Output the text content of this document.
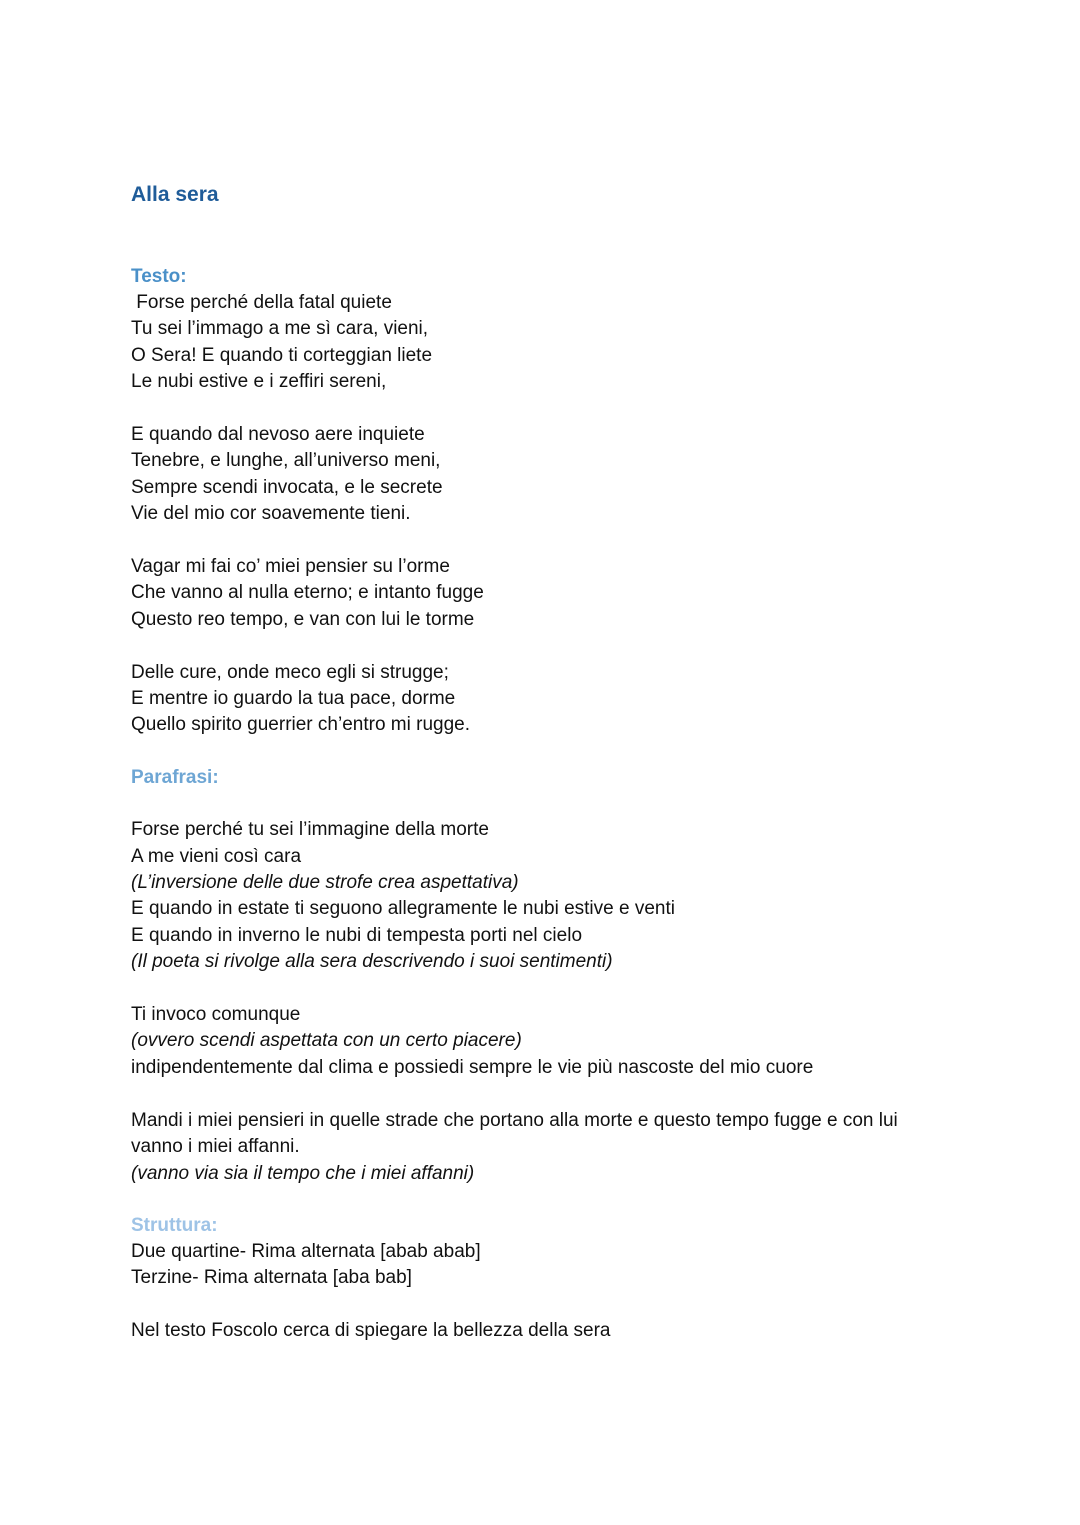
Alla sera

Testo:

Forse perché della fatal quiete

Tu sei l’immago a me sì cara, vieni,

O Sera! E quando ti corteggian liete

Le nubi estive e i zeffiri sereni,

E quando dal nevoso aere inquiete

Tenebre, e lunghe, all’universo meni,

Sempre scendi invocata, e le secrete

Vie del mio cor soavemente tieni.

Vagar mi fai co’ miei pensier su l’orme

Che vanno al nulla eterno; e intanto fugge

Questo reo tempo, e van con lui le torme

Delle cure, onde meco egli si strugge;

E mentre io guardo la tua pace, dorme

Quello spirito guerrier ch’entro mi rugge.

Parafrasi:

Forse perché tu sei l’immagine della morte

A me vieni così cara

(L’inversione delle due strofe crea aspettativa)

E quando in estate ti seguono allegramente le nubi estive e venti

E quando in inverno le nubi di tempesta porti nel cielo

(Il poeta si rivolge alla sera descrivendo i suoi sentimenti)

Ti invoco comunque

(ovvero scendi aspettata con un certo piacere)

indipendentemente dal clima e possiedi sempre le vie più nascoste del mio cuore

Mandi i miei pensieri in quelle strade che portano alla morte e questo tempo fugge e con lui

vanno i miei affanni.

(vanno via sia il tempo che i miei affanni)

Struttura:

Due quartine- Rima alternata [abab abab]

Terzine- Rima alternata [aba bab]

Nel testo Foscolo cerca di spiegare la bellezza della sera
